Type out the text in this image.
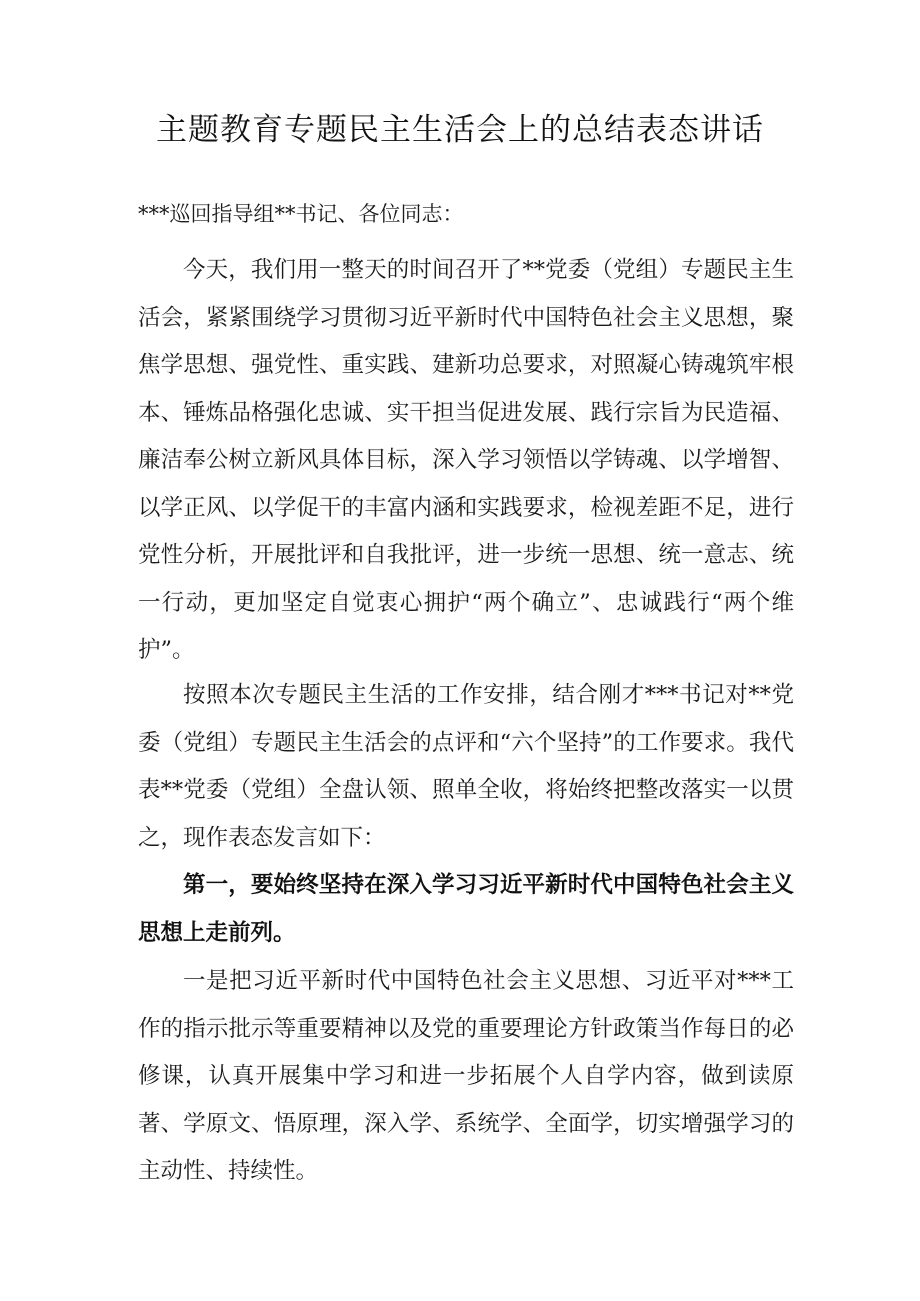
主题教育专题民主生活会上的总结表态讲话

***巡回指导组**书记、各位同志：

今天，我们用一整天的时间召开了**党委（党组）专题民主生活会，紧紧围绕学习贯彻习近平新时代中国特色社会主义思想，聚焦学思想、强党性、重实践、建新功总要求，对照凝心铸魂筑牢根本、锤炼品格强化忠诚、实干担当促进发展、践行宗旨为民造福、廉洁奉公树立新风具体目标，深入学习领悟以学铸魂、以学增智、以学正风、以学促干的丰富内涵和实践要求，检视差距不足，进行党性分析，开展批评和自我批评，进一步统一思想、统一意志、统一行动，更加坚定自觉衷心拥护“两个确立”、忠诚践行“两个维护”。

按照本次专题民主生活的工作安排，结合刚才***书记对**党委（党组）专题民主生活会的点评和“六个坚持”的工作要求。我代表**党委（党组）全盘认领、照单全收，将始终把整改落实一以贯之，现作表态发言如下：

第一，要始终坚持在深入学习习近平新时代中国特色社会主义思想上走前列。

一是把习近平新时代中国特色社会主义思想、习近平对***工作的指示批示等重要精神以及党的重要理论方针政策当作每日的必修课，认真开展集中学习和进一步拓展个人自学内容，做到读原著、学原文、悟原理，深入学、系统学、全面学，切实增强学习的主动性、持续性。
